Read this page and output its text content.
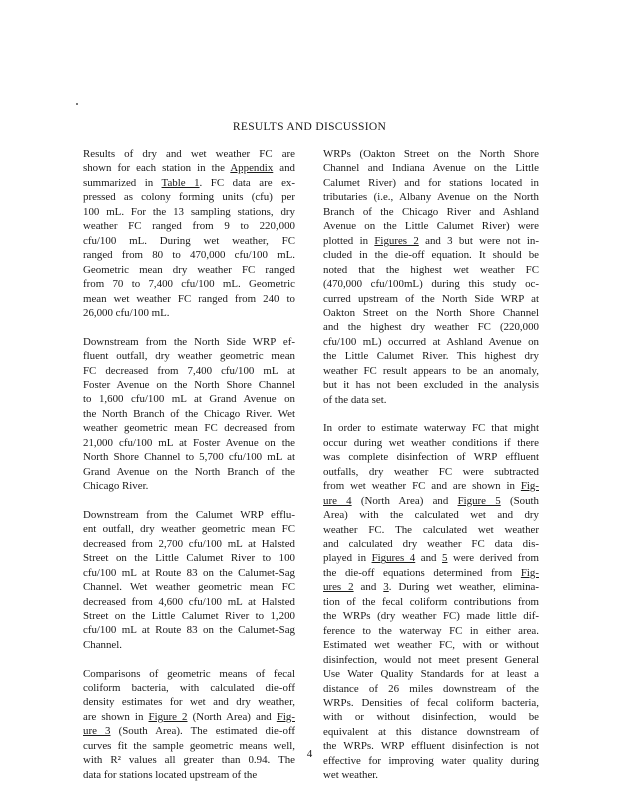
RESULTS AND DISCUSSION
Results of dry and wet weather FC are
shown for each station in the Appendix and
summarized in Table 1. FC data are ex-
pressed as colony forming units (cfu) per
100 mL. For the 13 sampling stations, dry
weather FC ranged from 9 to 220,000
cfu/100 mL. During wet weather, FC
ranged from 80 to 470,000 cfu/100 mL.
Geometric mean dry weather FC ranged
from 70 to 7,400 cfu/100 mL. Geometric
mean wet weather FC ranged from 240 to
26,000 cfu/100 mL.
Downstream from the North Side WRP ef-
fluent outfall, dry weather geometric mean
FC decreased from 7,400 cfu/100 mL at
Foster Avenue on the North Shore Channel
to 1,600 cfu/100 mL at Grand Avenue on
the North Branch of the Chicago River. Wet
weather geometric mean FC decreased from
21,000 cfu/100 mL at Foster Avenue on the
North Shore Channel to 5,700 cfu/100 mL at
Grand Avenue on the North Branch of the
Chicago River.
Downstream from the Calumet WRP efflu-
ent outfall, dry weather geometric mean FC
decreased from 2,700 cfu/100 mL at Halsted
Street on the Little Calumet River to 100
cfu/100 mL at Route 83 on the Calumet-Sag
Channel. Wet weather geometric mean FC
decreased from 4,600 cfu/100 mL at Halsted
Street on the Little Calumet River to 1,200
cfu/100 mL at Route 83 on the Calumet-Sag
Channel.
Comparisons of geometric means of fecal
coliform bacteria, with calculated die-off
density estimates for wet and dry weather,
are shown in Figure 2 (North Area) and Fig-
ure 3 (South Area). The estimated die-off
curves fit the sample geometric means well,
with R² values all greater than 0.94. The
data for stations located upstream of the
WRPs (Oakton Street on the North Shore
Channel and Indiana Avenue on the Little
Calumet River) and for stations located in
tributaries (i.e., Albany Avenue on the North
Branch of the Chicago River and Ashland
Avenue on the Little Calumet River) were
plotted in Figures 2 and 3 but were not in-
cluded in the die-off equation. It should be
noted that the highest wet weather FC
(470,000 cfu/100mL) during this study oc-
curred upstream of the North Side WRP at
Oakton Street on the North Shore Channel
and the highest dry weather FC (220,000
cfu/100 mL) occurred at Ashland Avenue on
the Little Calumet River. This highest dry
weather FC result appears to be an anomaly,
but it has not been excluded in the analysis
of the data set.
In order to estimate waterway FC that might
occur during wet weather conditions if there
was complete disinfection of WRP effluent
outfalls, dry weather FC were subtracted
from wet weather FC and are shown in Fig-
ure 4 (North Area) and Figure 5 (South
Area) with the calculated wet and dry
weather FC. The calculated wet weather
and calculated dry weather FC data dis-
played in Figures 4 and 5 were derived from
the die-off equations determined from Fig-
ures 2 and 3. During wet weather, elimina-
tion of the fecal coliform contributions from
the WRPs (dry weather FC) made little dif-
ference to the waterway FC in either area.
Estimated wet weather FC, with or without
disinfection, would not meet present General
Use Water Quality Standards for at least a
distance of 26 miles downstream of the
WRPs. Densities of fecal coliform bacteria,
with or without disinfection, would be
equivalent at this distance downstream of
the WRPs. WRP effluent disinfection is not
effective for improving water quality during
wet weather.
4
